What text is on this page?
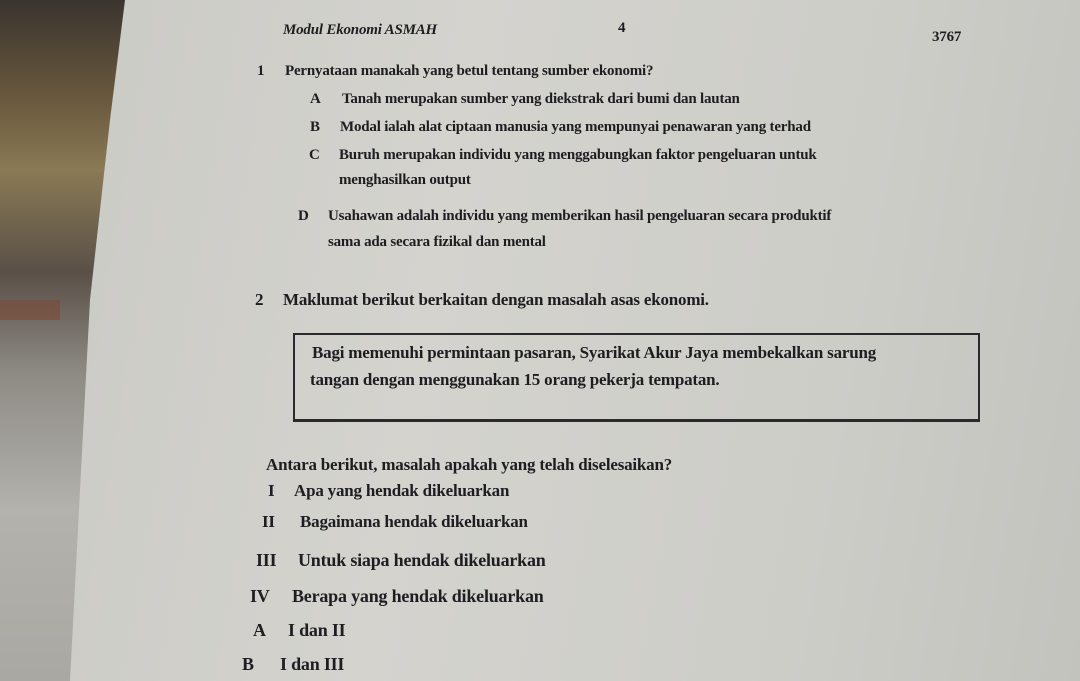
Modul Ekonomi ASMAH	4
3767
1 Pernyataan manakah yang betul tentang sumber ekonomi?
A Tanah merupakan sumber yang diekstrak dari bumi dan lautan
B Modal ialah alat ciptaan manusia yang mempunyai penawaran yang terhad
C Buruh merupakan individu yang menggabungkan faktor pengeluaran untuk
menghasilkan output
D Usahawan adalah individu yang memberikan hasil pengeluaran secara produktif
sama ada secara fizikal dan mental
2 Maklumat berikut berkaitan dengan masalah asas ekonomi.
Bagi memenuhi permintaan pasaran, Syarikat Akur Jaya membekalkan sarung
tangan dengan menggunakan 15 orang pekerja tempatan.
Antara berikut, masalah apakah yang telah diselesaikan?
I Apa yang hendak dikeluarkan
II Bagaimana hendak dikeluarkan
III Untuk siapa hendak dikeluarkan
IV Berapa yang hendak dikeluarkan
A I dan II
B I dan III
